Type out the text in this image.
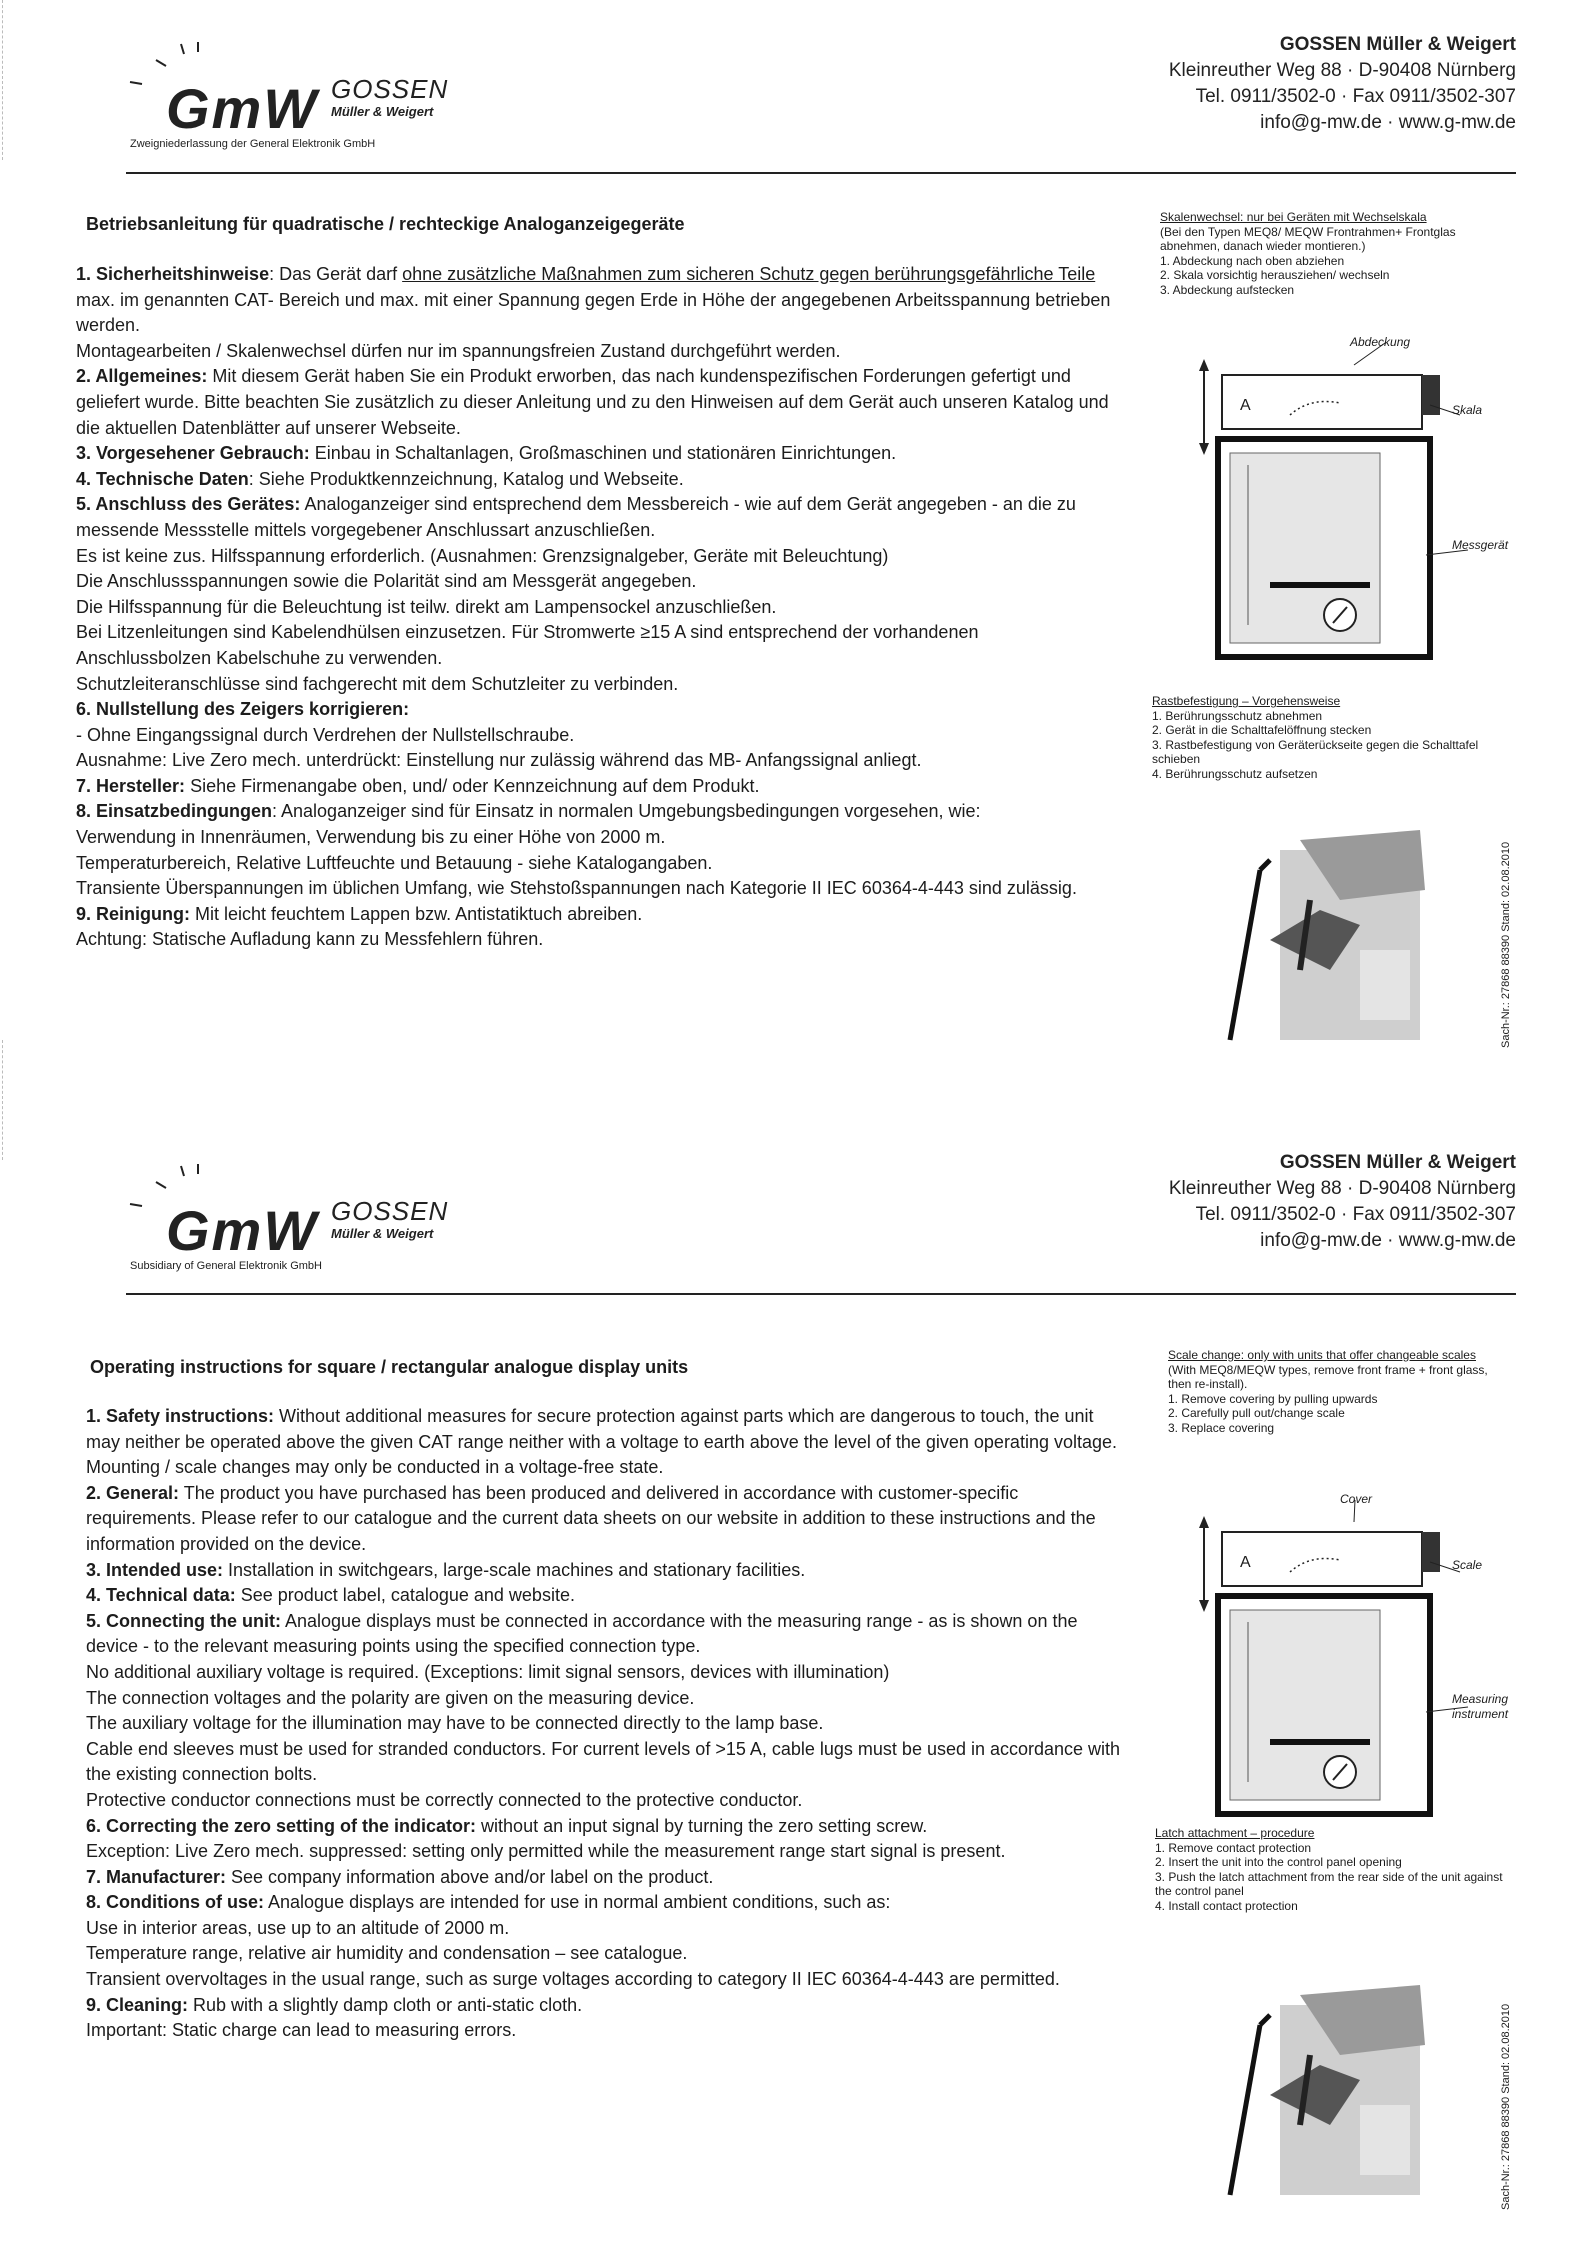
GmW GOSSEN
Müller & Weigert
Zweigniederlassung der General Elektronik GmbH
GOSSEN Müller & Weigert
Kleinreuther Weg 88 · D-90408 Nürnberg
Tel. 0911/3502-0 · Fax 0911/3502-307
info@g-mw.de · www.g-mw.de
Betriebsanleitung für quadratische / rechteckige Analoganzeigegeräte

1. Sicherheitshinweise: Das Gerät darf ohne zusätzliche Maßnahmen zum sicheren Schutz gegen berührungsgefährliche Teile max. im genannten CAT- Bereich und max. mit einer Spannung gegen Erde in Höhe der angegebenen Arbeitsspannung betrieben werden.

Montagearbeiten / Skalenwechsel dürfen nur im spannungsfreien Zustand durchgeführt werden.

2. Allgemeines: Mit diesem Gerät haben Sie ein Produkt erworben, das nach kundenspezifischen Forderungen gefertigt und geliefert wurde. Bitte beachten Sie zusätzlich zu dieser Anleitung und zu den Hinweisen auf dem Gerät auch unseren Katalog und die aktuellen Datenblätter auf unserer Webseite.

3. Vorgesehener Gebrauch: Einbau in Schaltanlagen, Großmaschinen und stationären Einrichtungen.

4. Technische Daten: Siehe Produktkennzeichnung, Katalog und Webseite.

5. Anschluss des Gerätes: Analoganzeiger sind entsprechend dem Messbereich - wie auf dem Gerät angegeben - an die zu messende Messstelle mittels vorgegebener Anschlussart anzuschließen.

Es ist keine zus. Hilfsspannung erforderlich. (Ausnahmen: Grenzsignalgeber, Geräte mit Beleuchtung)

Die Anschlussspannungen sowie die Polarität sind am Messgerät angegeben.

Die Hilfsspannung für die Beleuchtung ist teilw. direkt am Lampensockel anzuschließen.

Bei Litzenleitungen sind Kabelendhülsen einzusetzen. Für Stromwerte ≥15 A sind entsprechend der vorhandenen Anschlussbolzen Kabelschuhe zu verwenden.

Schutzleiteranschlüsse sind fachgerecht mit dem Schutzleiter zu verbinden.

6. Nullstellung des Zeigers korrigieren:

- Ohne Eingangssignal durch Verdrehen der Nullstellschraube.

Ausnahme: Live Zero mech. unterdrückt: Einstellung nur zulässig während das MB- Anfangssignal anliegt.

7. Hersteller: Siehe Firmenangabe oben, und/ oder Kennzeichnung auf dem Produkt.

8. Einsatzbedingungen: Analoganzeiger sind für Einsatz in normalen Umgebungsbedingungen vorgesehen, wie:

Verwendung in Innenräumen, Verwendung bis zu einer Höhe von 2000 m.

Temperaturbereich, Relative Luftfeuchte und Betauung - siehe Katalogangaben.

Transiente Überspannungen im üblichen Umfang, wie Stehstoßspannungen nach Kategorie II IEC 60364-4-443 sind zulässig.

9. Reinigung: Mit leicht feuchtem Lappen bzw. Antistatiktuch abreiben.

Achtung: Statische Aufladung kann zu Messfehlern führen.

Skalenwechsel: nur bei Geräten mit Wechselskala

(Bei den Typen MEQ8/ MEQW Frontrahmen+ Frontglas abnehmen, danach wieder montieren.)

1. Abdeckung nach oben abziehen

2. Skala vorsichtig herausziehen/ wechseln

3. Abdeckung aufstecken

A
Abdeckung
Skala
Messgerät

Rastbefestigung – Vorgehensweise

1. Berührungsschutz abnehmen

2. Gerät in die Schalttafelöffnung stecken

3. Rastbefestigung von Geräterückseite gegen die Schalttafel schieben

4. Berührungsschutz aufsetzen

Sach-Nr.: 27868 88390 Stand: 02.08.2010
GmW GOSSEN
Müller & Weigert
Subsidiary of General Elektronik GmbH
GOSSEN Müller & Weigert
Kleinreuther Weg 88 · D-90408 Nürnberg
Tel. 0911/3502-0 · Fax 0911/3502-307
info@g-mw.de · www.g-mw.de
Operating instructions for square / rectangular analogue display units

1. Safety instructions: Without additional measures for secure protection against parts which are dangerous to touch, the unit may neither be operated above the given CAT range neither with a voltage to earth above the level of the given operating voltage.

Mounting / scale changes may only be conducted in a voltage-free state.

2. General: The product you have purchased has been produced and delivered in accordance with customer-specific requirements. Please refer to our catalogue and the current data sheets on our website in addition to these instructions and the information provided on the device.

3. Intended use: Installation in switchgears, large-scale machines and stationary facilities.

4. Technical data: See product label, catalogue and website.

5. Connecting the unit: Analogue displays must be connected in accordance with the measuring range - as is shown on the device - to the relevant measuring points using the specified connection type.

No additional auxiliary voltage is required. (Exceptions: limit signal sensors, devices with illumination)

The connection voltages and the polarity are given on the measuring device.

The auxiliary voltage for the illumination may have to be connected directly to the lamp base.

Cable end sleeves must be used for stranded conductors. For current levels of >15 A, cable lugs must be used in accordance with the existing connection bolts.

Protective conductor connections must be correctly connected to the protective conductor.

6. Correcting the zero setting of the indicator: without an input signal by turning the zero setting screw.

Exception: Live Zero mech. suppressed: setting only permitted while the measurement range start signal is present.

7. Manufacturer: See company information above and/or label on the product.

8. Conditions of use: Analogue displays are intended for use in normal ambient conditions, such as:

Use in interior areas, use up to an altitude of 2000 m.

Temperature range, relative air humidity and condensation – see catalogue.

Transient overvoltages in the usual range, such as surge voltages according to category II IEC 60364-4-443 are permitted.

9. Cleaning: Rub with a slightly damp cloth or anti-static cloth.

Important: Static charge can lead to measuring errors.

Scale change: only with units that offer changeable scales

(With MEQ8/MEQW types, remove front frame + front glass, then re-install).

1. Remove covering by pulling upwards

2. Carefully pull out/change scale

3. Replace covering

A
Cover
Scale
Measuring instrument

Latch attachment – procedure

1. Remove contact protection

2. Insert the unit into the control panel opening

3. Push the latch attachment from the rear side of the unit against the control panel

4. Install contact protection

Sach-Nr.: 27868 88390 Stand: 02.08.2010
